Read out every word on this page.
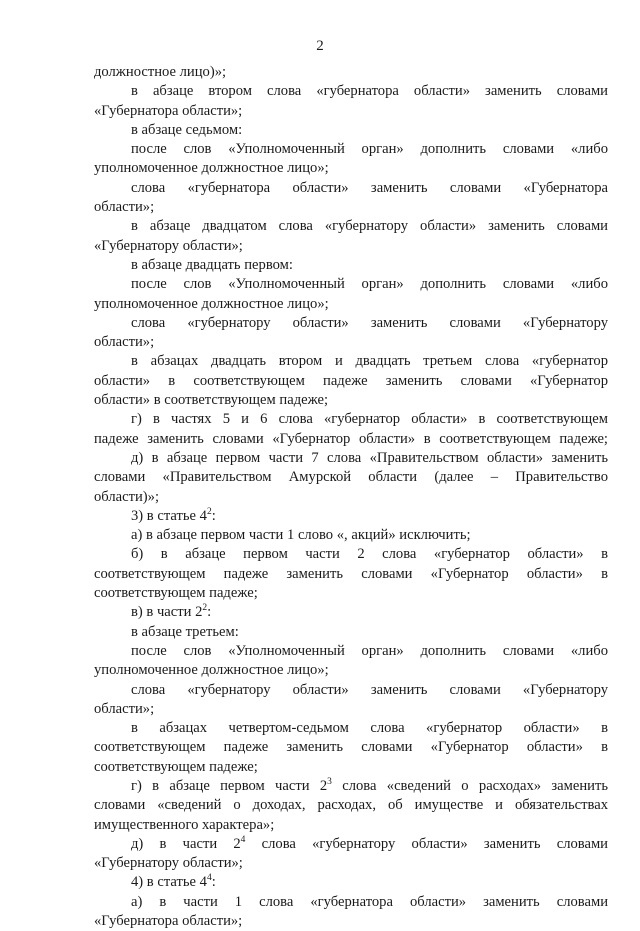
2
должностное лицо)»;
в абзаце втором слова «губернатора области» заменить словами
«Губернатора области»;
в абзаце седьмом:
после слов «Уполномоченный орган» дополнить словами «либо
уполномоченное должностное лицо»;
слова «губернатора области» заменить словами «Губернатора
области»;
в абзаце двадцатом слова «губернатору области» заменить словами
«Губернатору области»;
в абзаце двадцать первом:
после слов «Уполномоченный орган» дополнить словами «либо
уполномоченное должностное лицо»;
слова «губернатору области» заменить словами «Губернатору
области»;
в абзацах двадцать втором и двадцать третьем слова «губернатор
области» в соответствующем падеже заменить словами «Губернатор
области» в соответствующем падеже;
г) в частях 5 и 6 слова «губернатор области» в соответствующем
падеже заменить словами «Губернатор области» в соответствующем падеже;
д) в абзаце первом части 7 слова «Правительством области» заменить
словами «Правительством Амурской области (далее – Правительство
области)»;
3) в статье $4^2$:
а) в абзаце первом части 1 слово «, акций» исключить;
б) в абзаце первом части 2 слова «губернатор области» в
соответствующем падеже заменить словами «Губернатор области» в
соответствующем падеже;
в) в части $2^2$:
в абзаце третьем:
после слов «Уполномоченный орган» дополнить словами «либо
уполномоченное должностное лицо»;
слова «губернатору области» заменить словами «Губернатору
области»;
в абзацах четвертом-седьмом слова «губернатор области» в
соответствующем падеже заменить словами «Губернатор области» в
соответствующем падеже;
г) в абзаце первом части $2^3$ слова «сведений о расходах» заменить
словами «сведений о доходах, расходах, об имуществе и обязательствах
имущественного характера»;
д) в части $2^4$ слова «губернатору области» заменить словами
«Губернатору области»;
4) в статье $4^4$:
а) в части 1 слова «губернатора области» заменить словами
«Губернатора области»;
